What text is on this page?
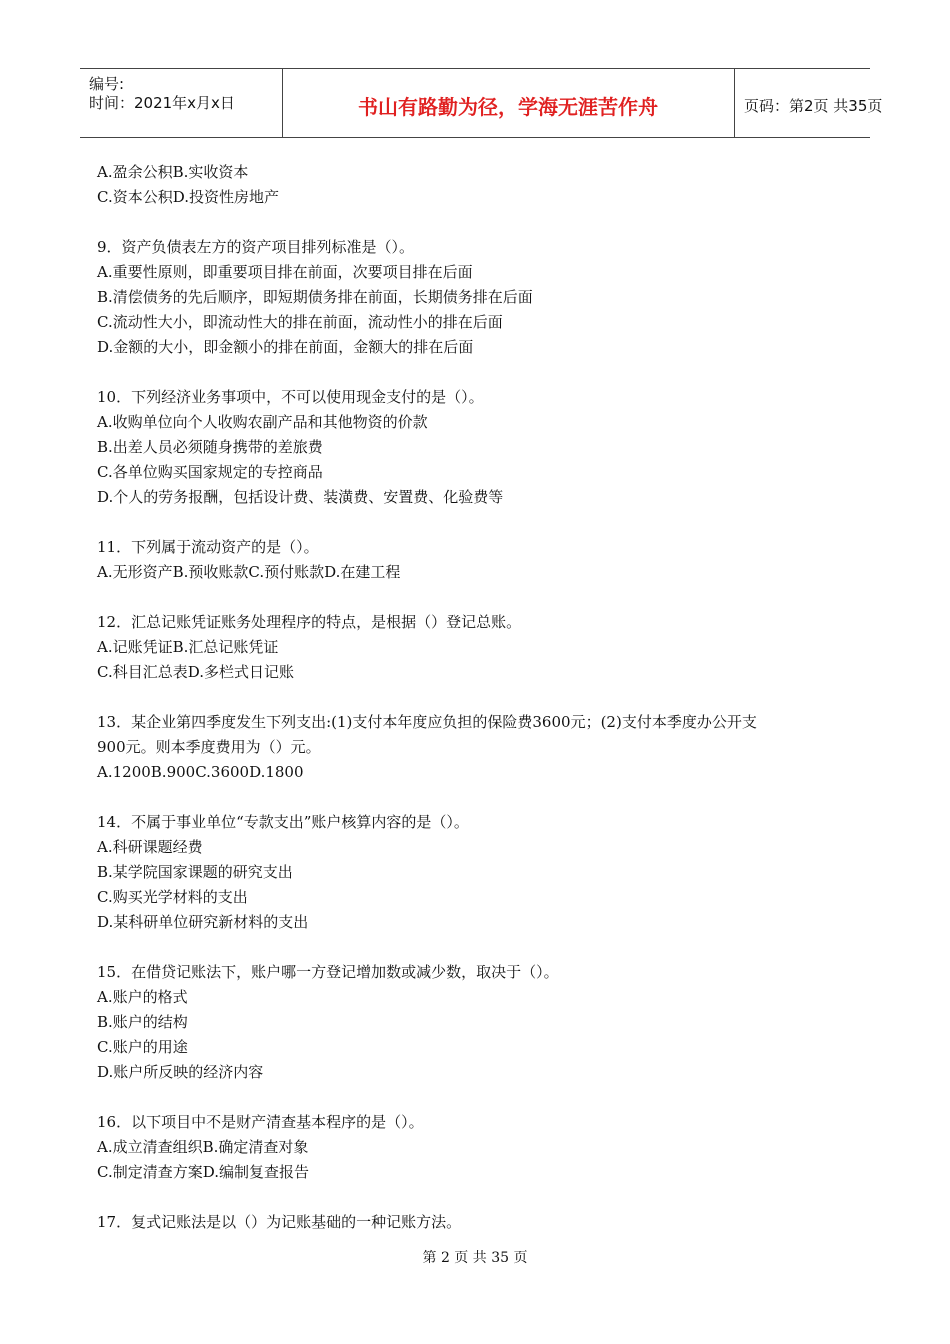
编号:
时间：2021年x月x日	书山有路勤为径，学海无涯苦作舟	页码：第2页 共35页
A.盈余公积B.实收资本
C.资本公积D.投资性房地产
9．资产负债表左方的资产项目排列标准是（）。
A.重要性原则，即重要项目排在前面，次要项目排在后面
B.清偿债务的先后顺序，即短期债务排在前面，长期债务排在后面
C.流动性大小，即流动性大的排在前面，流动性小的排在后面
D.金额的大小，即金额小的排在前面，金额大的排在后面
10．下列经济业务事项中，不可以使用现金支付的是（）。
A.收购单位向个人收购农副产品和其他物资的价款
B.出差人员必须随身携带的差旅费
C.各单位购买国家规定的专控商品
D.个人的劳务报酬，包括设计费、装潢费、安置费、化验费等
11．下列属于流动资产的是（）。
A.无形资产B.预收账款C.预付账款D.在建工程
12．汇总记账凭证账务处理程序的特点，是根据（）登记总账。
A.记账凭证B.汇总记账凭证
C.科目汇总表D.多栏式日记账
13．某企业第四季度发生下列支出:(1)支付本年度应负担的保险费3600元；(2)支付本季度办公开支
900元。则本季度费用为（）元。
A.1200B.900C.3600D.1800
14．不属于事业单位“专款支出”账户核算内容的是（）。
A.科研课题经费
B.某学院国家课题的研究支出
C.购买光学材料的支出
D.某科研单位研究新材料的支出
15．在借贷记账法下，账户哪一方登记增加数或减少数，取决于（）。
A.账户的格式
B.账户的结构
C.账户的用途
D.账户所反映的经济内容
16．以下项目中不是财产清查基本程序的是（）。
A.成立清查组织B.确定清查对象
C.制定清查方案D.编制复查报告
17．复式记账法是以（）为记账基础的一种记账方法。
第 2 页 共 35 页
